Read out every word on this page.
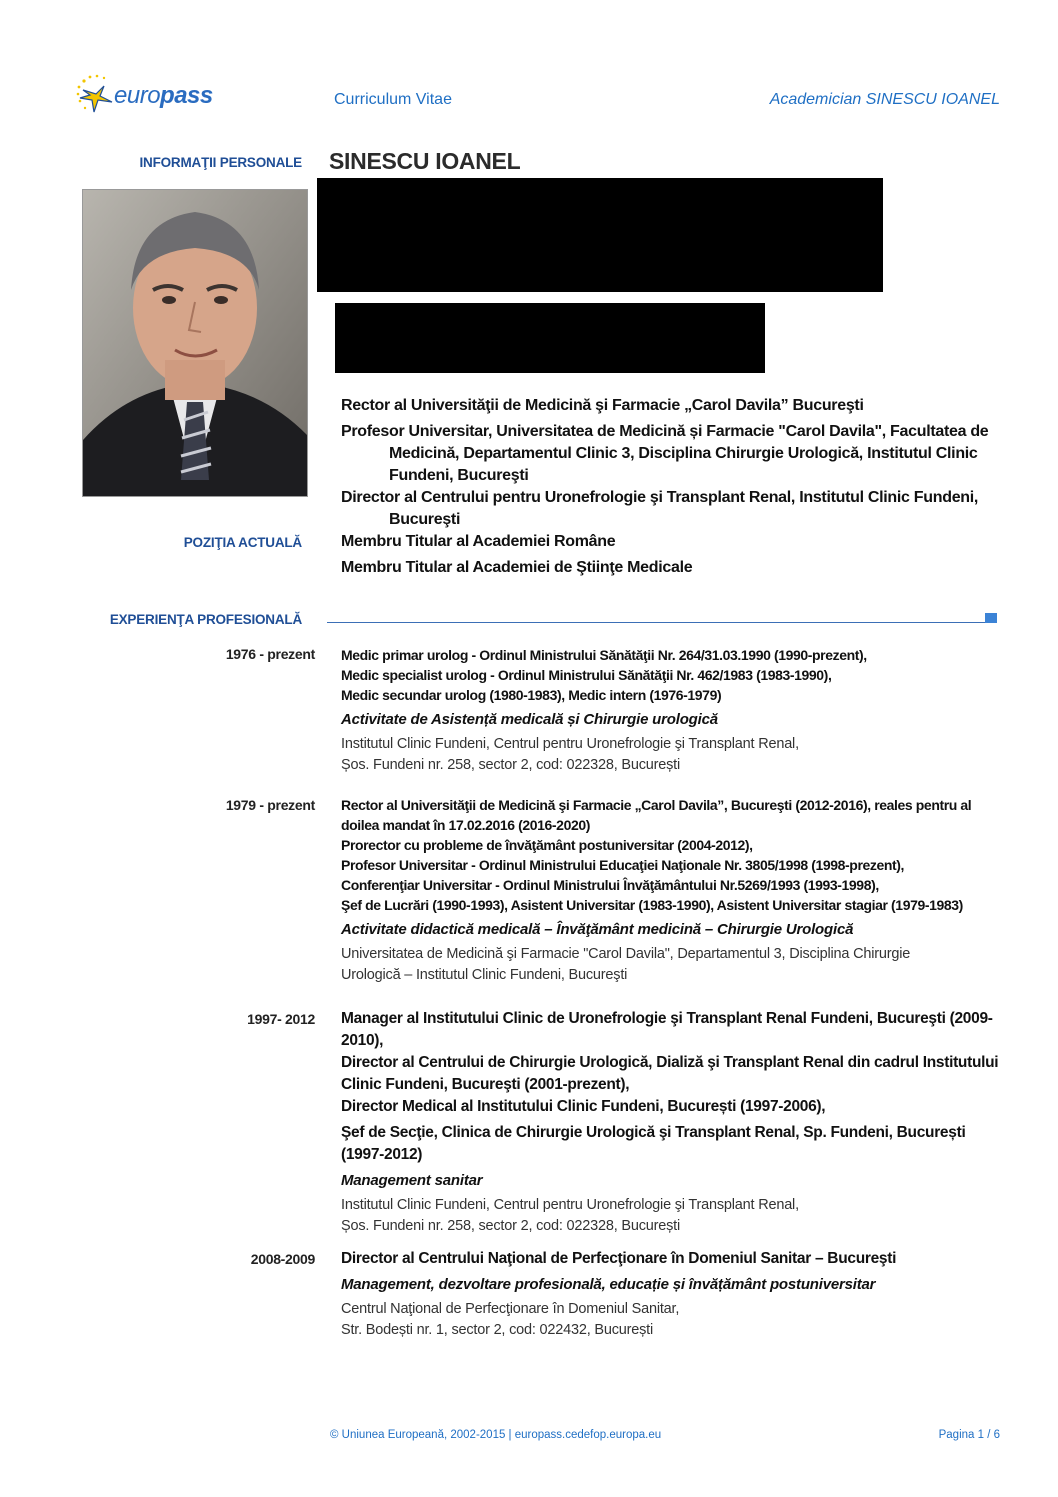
europass	Curriculum Vitae	Academician SINESCU IOANEL
INFORMAŢII PERSONALE SINESCU IOANEL
POZIŢIA ACTUALĂ
Rector al Universităţii de Medicină şi Farmacie „Carol Davila” Bucureşti
Profesor Universitar, Universitatea de Medicină și Farmacie "Carol Davila", Facultatea de
Medicină, Departamentul Clinic 3, Disciplina Chirurgie Urologică, Institutul Clinic Fundeni, Bucureşti
Director al Centrului pentru Uronefrologie şi Transplant Renal, Institutul Clinic Fundeni,
Bucureşti
Membru Titular al Academiei Române
Membru Titular al Academiei de Ştiinţe Medicale
EXPERIENŢA PROFESIONALĂ
1976 - prezent Medic primar urolog - Ordinul Ministrului Sănătăţii Nr. 264/31.03.1990 (1990-prezent),
Medic specialist urolog - Ordinul Ministrului Sănătăţii Nr. 462/1983 (1983-1990),
Medic secundar urolog (1980-1983), Medic intern (1976-1979)
Activitate de Asistență medicală și Chirurgie urologică
Institutul Clinic Fundeni, Centrul pentru Uronefrologie şi Transplant Renal,
Șos. Fundeni nr. 258, sector 2, cod: 022328, București
1979 - prezent Rector al Universităţii de Medicină şi Farmacie „Carol Davila”, Bucureşti (2012-2016), reales pentru al
doilea mandat în 17.02.2016 (2016-2020)
Prorector cu probleme de învăţământ postuniversitar (2004-2012),
Profesor Universitar - Ordinul Ministrului Educaţiei Naţionale Nr. 3805/1998 (1998-prezent),
Conferenţiar Universitar - Ordinul Ministrului Învăţământului Nr.5269/1993 (1993-1998),
Şef de Lucrări (1990-1993), Asistent Universitar (1983-1990), Asistent Universitar stagiar (1979-1983)
Activitate didactică medicală – Învăţământ medicină – Chirurgie Urologică
Universitatea de Medicină şi Farmacie "Carol Davila", Departamentul 3, Disciplina Chirurgie
Urologică – Institutul Clinic Fundeni, Bucureşti
1997- 2012 Manager al Institutului Clinic de Uronefrologie şi Transplant Renal Fundeni, Bucureşti (2009-
2010),
Director al Centrului de Chirurgie Urologică, Dializă şi Transplant Renal din cadrul Institutului
Clinic Fundeni, Bucureşti (2001-prezent),
Director Medical al Institutului Clinic Fundeni, București (1997-2006),
Şef de Secţie, Clinica de Chirurgie Urologică şi Transplant Renal, Sp. Fundeni, București
(1997-2012)
Management sanitar
Institutul Clinic Fundeni, Centrul pentru Uronefrologie şi Transplant Renal,
Șos. Fundeni nr. 258, sector 2, cod: 022328, București
2008-2009 Director al Centrului Naţional de Perfecţionare în Domeniul Sanitar – Bucureşti
Management, dezvoltare profesională, educație și învățământ postuniversitar
Centrul Naţional de Perfecţionare în Domeniul Sanitar,
Str. Bodești nr. 1, sector 2, cod: 022432, București
© Uniunea Europeană, 2002-2015 | europass.cedefop.europa.eu	Pagina 1 / 6
